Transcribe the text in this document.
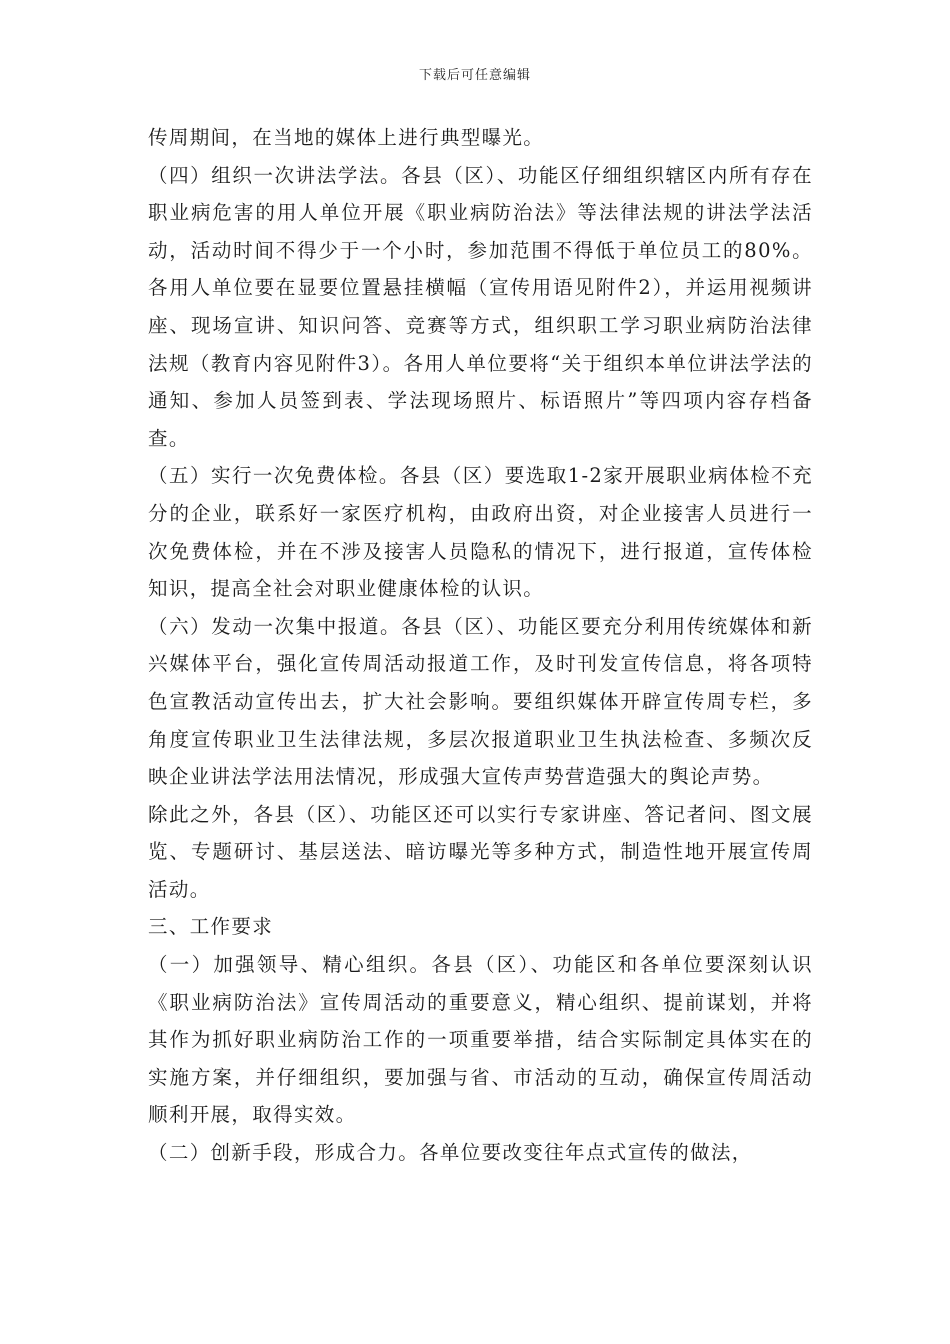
下载后可任意编辑

传周期间，在当地的媒体上进行典型曝光。

（四）组织一次讲法学法。各县（区）、功能区仔细组织辖区内所有存在职业病危害的用人单位开展《职业病防治法》等法律法规的讲法学法活动，活动时间不得少于一个小时，参加范围不得低于单位员工的80%。各用人单位要在显要位置悬挂横幅（宣传用语见附件2），并运用视频讲座、现场宣讲、知识问答、竞赛等方式，组织职工学习职业病防治法律法规（教育内容见附件3）。各用人单位要将“关于组织本单位讲法学法的通知、参加人员签到表、学法现场照片、标语照片”等四项内容存档备查。

（五）实行一次免费体检。各县（区）要选取1-2家开展职业病体检不充分的企业，联系好一家医疗机构，由政府出资，对企业接害人员进行一次免费体检，并在不涉及接害人员隐私的情况下，进行报道，宣传体检知识，提高全社会对职业健康体检的认识。

（六）发动一次集中报道。各县（区）、功能区要充分利用传统媒体和新兴媒体平台，强化宣传周活动报道工作，及时刊发宣传信息，将各项特色宣教活动宣传出去，扩大社会影响。要组织媒体开辟宣传周专栏，多角度宣传职业卫生法律法规，多层次报道职业卫生执法检查、多频次反映企业讲法学法用法情况，形成强大宣传声势营造强大的舆论声势。

除此之外，各县（区）、功能区还可以实行专家讲座、答记者问、图文展览、专题研讨、基层送法、暗访曝光等多种方式，制造性地开展宣传周活动。

三、工作要求

（一）加强领导、精心组织。各县（区）、功能区和各单位要深刻认识《职业病防治法》宣传周活动的重要意义，精心组织、提前谋划，并将其作为抓好职业病防治工作的一项重要举措，结合实际制定具体实在的实施方案，并仔细组织，要加强与省、市活动的互动，确保宣传周活动顺利开展，取得实效。

（二）创新手段，形成合力。各单位要改变往年点式宣传的做法，
